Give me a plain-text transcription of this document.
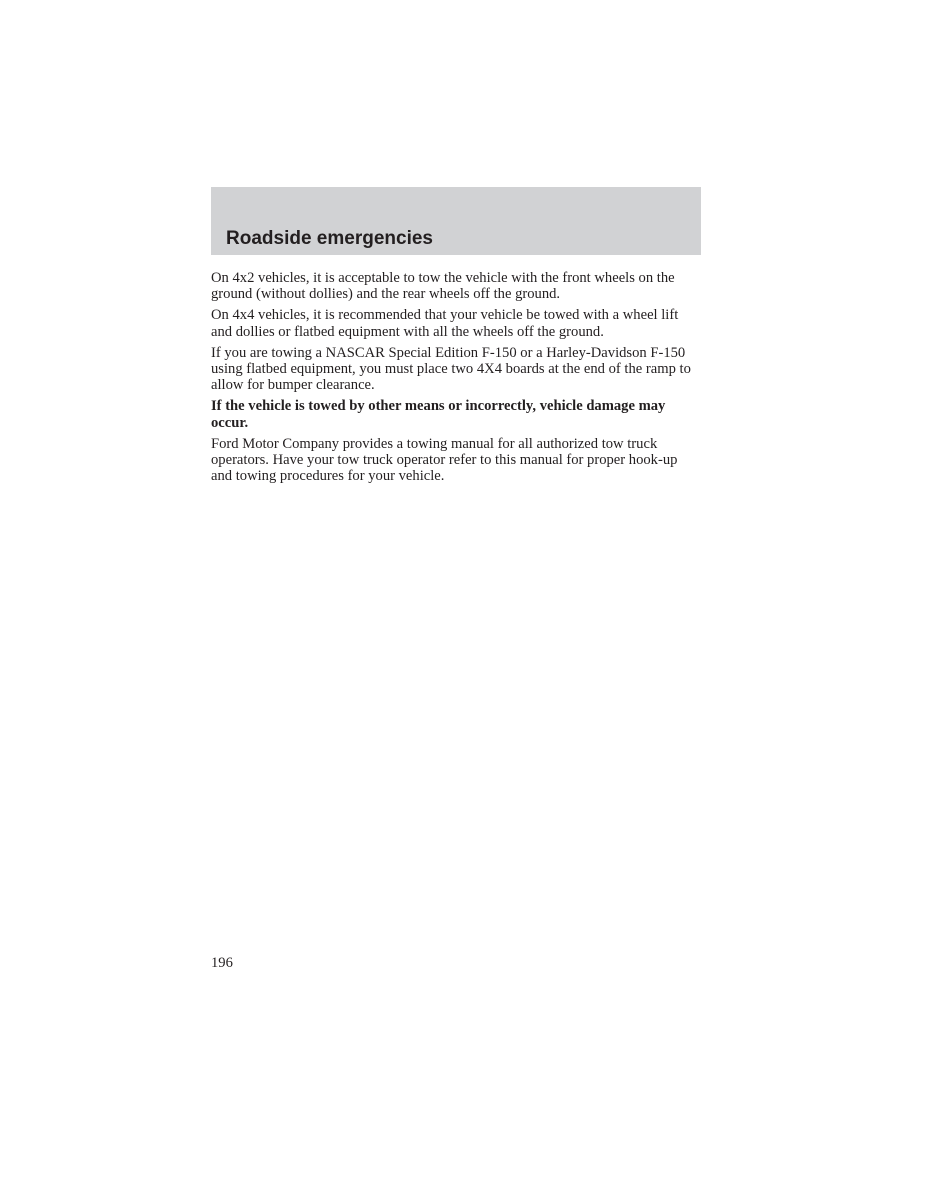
Roadside emergencies

On 4x2 vehicles, it is acceptable to tow the vehicle with the front wheels on the ground (without dollies) and the rear wheels off the ground.

On 4x4 vehicles, it is recommended that your vehicle be towed with a wheel lift and dollies or flatbed equipment with all the wheels off the ground.

If you are towing a NASCAR Special Edition F-150 or a Harley-Davidson F-150 using flatbed equipment, you must place two 4X4 boards at the end of the ramp to allow for bumper clearance.

If the vehicle is towed by other means or incorrectly, vehicle damage may occur.

Ford Motor Company provides a towing manual for all authorized tow truck operators. Have your tow truck operator refer to this manual for proper hook-up and towing procedures for your vehicle.

196
